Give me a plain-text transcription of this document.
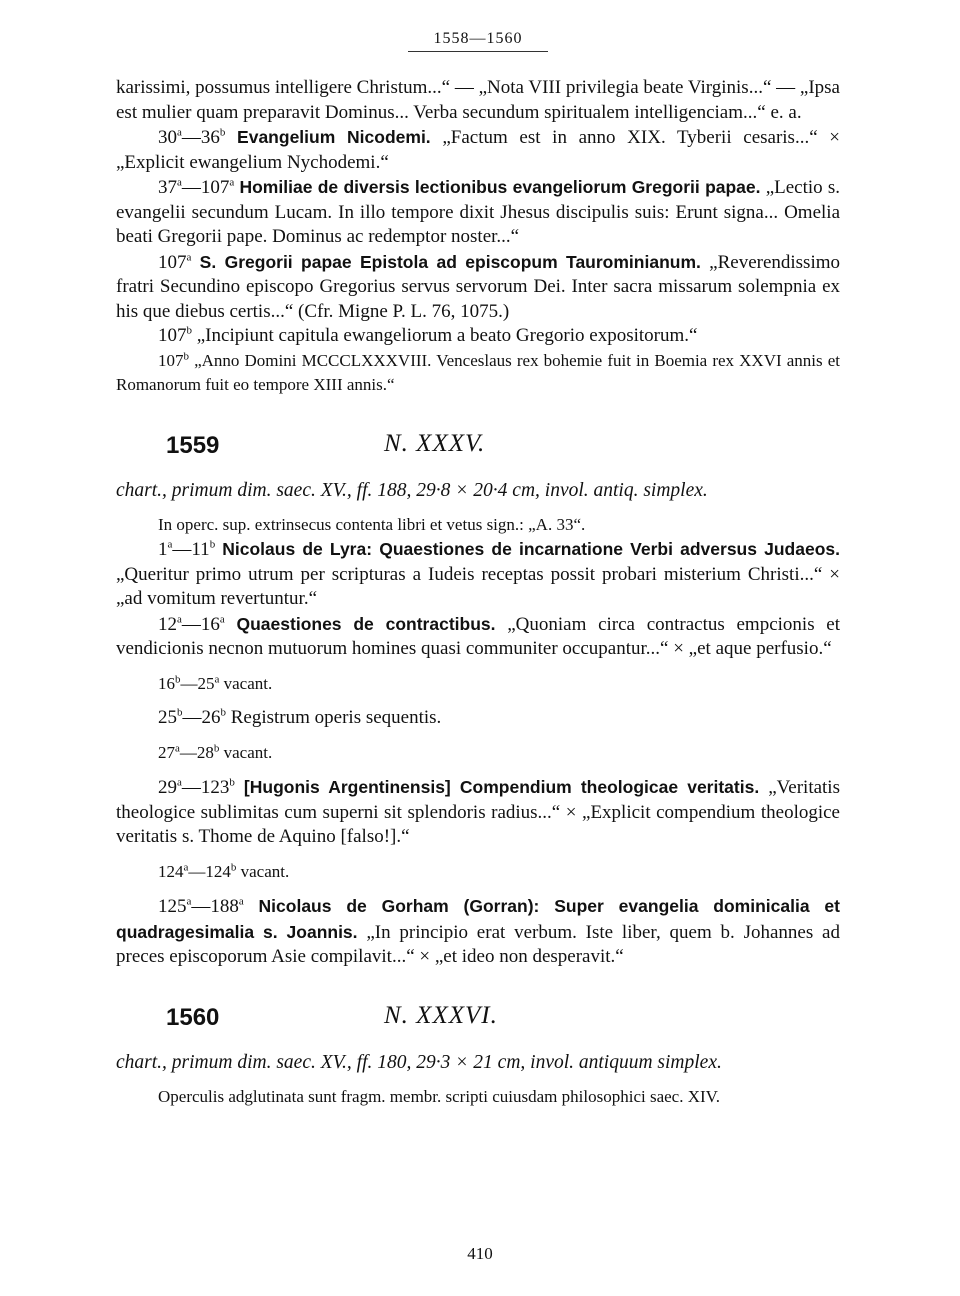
1558—1560

karissimi, possumus intelligere Christum...“ — „Nota VIII privilegia beate Virginis...“ — „Ipsa est mulier quam preparavit Dominus... Verba secundum spiritualem intelligenciam...“ e. a.

30$^a$—36$^b$ Evangelium Nicodemi. „Factum est in anno XIX. Tyberii cesaris...“ × „Explicit ewangelium Nychodemi.“

37$^a$—107$^a$ Homiliae de diversis lectionibus evangeliorum Gregorii papae. „Lectio s. evangelii secundum Lucam. In illo tempore dixit Jhesus discipulis suis: Erunt signa... Omelia beati Gregorii pape. Dominus ac redemptor noster...“

107$^a$ S. Gregorii papae Epistola ad episcopum Taurominianum. „Reverendissimo fratri Secundino episcopo Gregorius servus servorum Dei. Inter sacra missarum solempnia ex his que diebus certis...“ (Cfr. Migne P. L. 76, 1075.)

107$^b$ „Incipiunt capitula ewangeliorum a beato Gregorio expositorum.“

107$^b$ „Anno Domini MCCCLXXXVIII. Venceslaus rex bohemie fuit in Boemia rex XXVI annis et Romanorum fuit eo tempore XIII annis.“

1559	N. XXXV.

chart., primum dim. saec. XV., ff. 188, 29·8 × 20·4 cm, invol. antiq. simplex.

In operc. sup. extrinsecus contenta libri et vetus sign.: „A. 33“.

1$^a$—11$^b$ Nicolaus de Lyra: Quaestiones de incarnatione Verbi adversus Judaeos. „Queritur primo utrum per scripturas a Iudeis receptas possit probari misterium Christi...“ × „ad vomitum revertuntur.“

12$^a$—16$^a$ Quaestiones de contractibus. „Quoniam circa contractus empcionis et vendicionis necnon mutuorum homines quasi communiter occupantur...“ × „et aque perfusio.“

16$^b$—25$^a$ vacant.

25$^b$—26$^b$ Registrum operis sequentis.

27$^a$—28$^b$ vacant.

29$^a$—123$^b$ [Hugonis Argentinensis] Compendium theologicae veritatis. „Veritatis theologice sublimitas cum superni sit splendoris radius...“ × „Explicit compendium theologice veritatis s. Thome de Aquino [falso!].“

124$^a$—124$^b$ vacant.

125$^a$—188$^a$ Nicolaus de Gorham (Gorran): Super evangelia dominicalia et quadragesimalia s. Joannis. „In principio erat verbum. Iste liber, quem b. Johannes ad preces episcoporum Asie compilavit...“ × „et ideo non desperavit.“

1560	N. XXXVI.

chart., primum dim. saec. XV., ff. 180, 29·3 × 21 cm, invol. antiquum simplex.

Operculis adglutinata sunt fragm. membr. scripti cuiusdam philosophici saec. XIV.

410
